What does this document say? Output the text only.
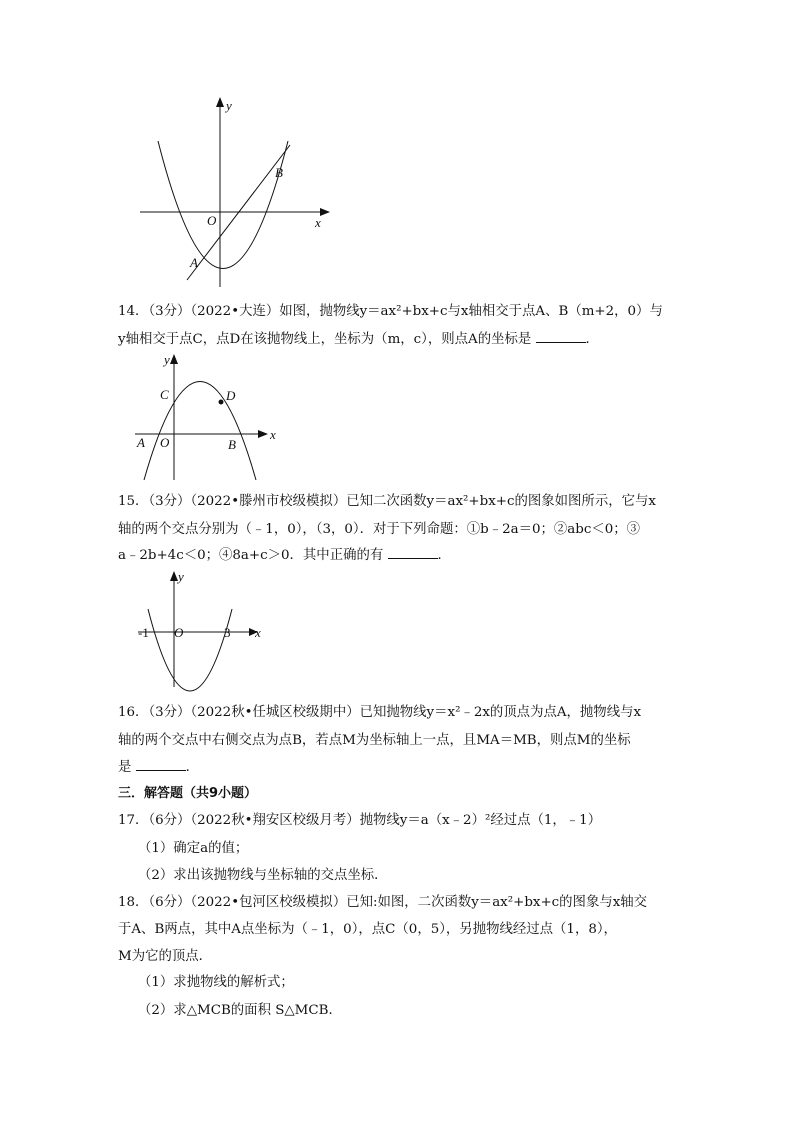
y
x
O
A
B
14．（3分）（2022•大连）如图，抛物线y＝ax²+bx+c与x轴相交于点A、B（m+2，0）与
y轴相交于点C，点D在该抛物线上，坐标为（m，c），则点A的坐标是	．
y
x
O
A	B
C	D
15．（3分）（2022•滕州市校级模拟）已知二次函数y＝ax²+bx+c的图象如图所示，它与x
轴的两个交点分别为（﹣1，0），（3，0）．对于下列命题：①b﹣2a＝0；②abc＜0；③
a﹣2b+4c＜0；④8a+c＞0．其中正确的有	．
y
x
O
-1	3
16．（3分）（2022秋•任城区校级期中）已知抛物线y＝x²﹣2x的顶点为点A，抛物线与x
轴的两个交点中右侧交点为点B，若点M为坐标轴上一点，且MA＝MB，则点M的坐标
是	．
三．解答题（共9小题）
17．（6分）（2022秋•翔安区校级月考）抛物线y＝a（x﹣2）²经过点（1，﹣1）
（1）确定a的值；
（2）求出该抛物线与坐标轴的交点坐标．
18．（6分）（2022•包河区校级模拟）已知:如图，二次函数y＝ax²+bx+c的图象与x轴交
于A、B两点，其中A点坐标为（﹣1，0），点C（0，5），另抛物线经过点（1，8），
M为它的顶点．
（1）求抛物线的解析式；
（2）求△MCB的面积 S△MCB．
